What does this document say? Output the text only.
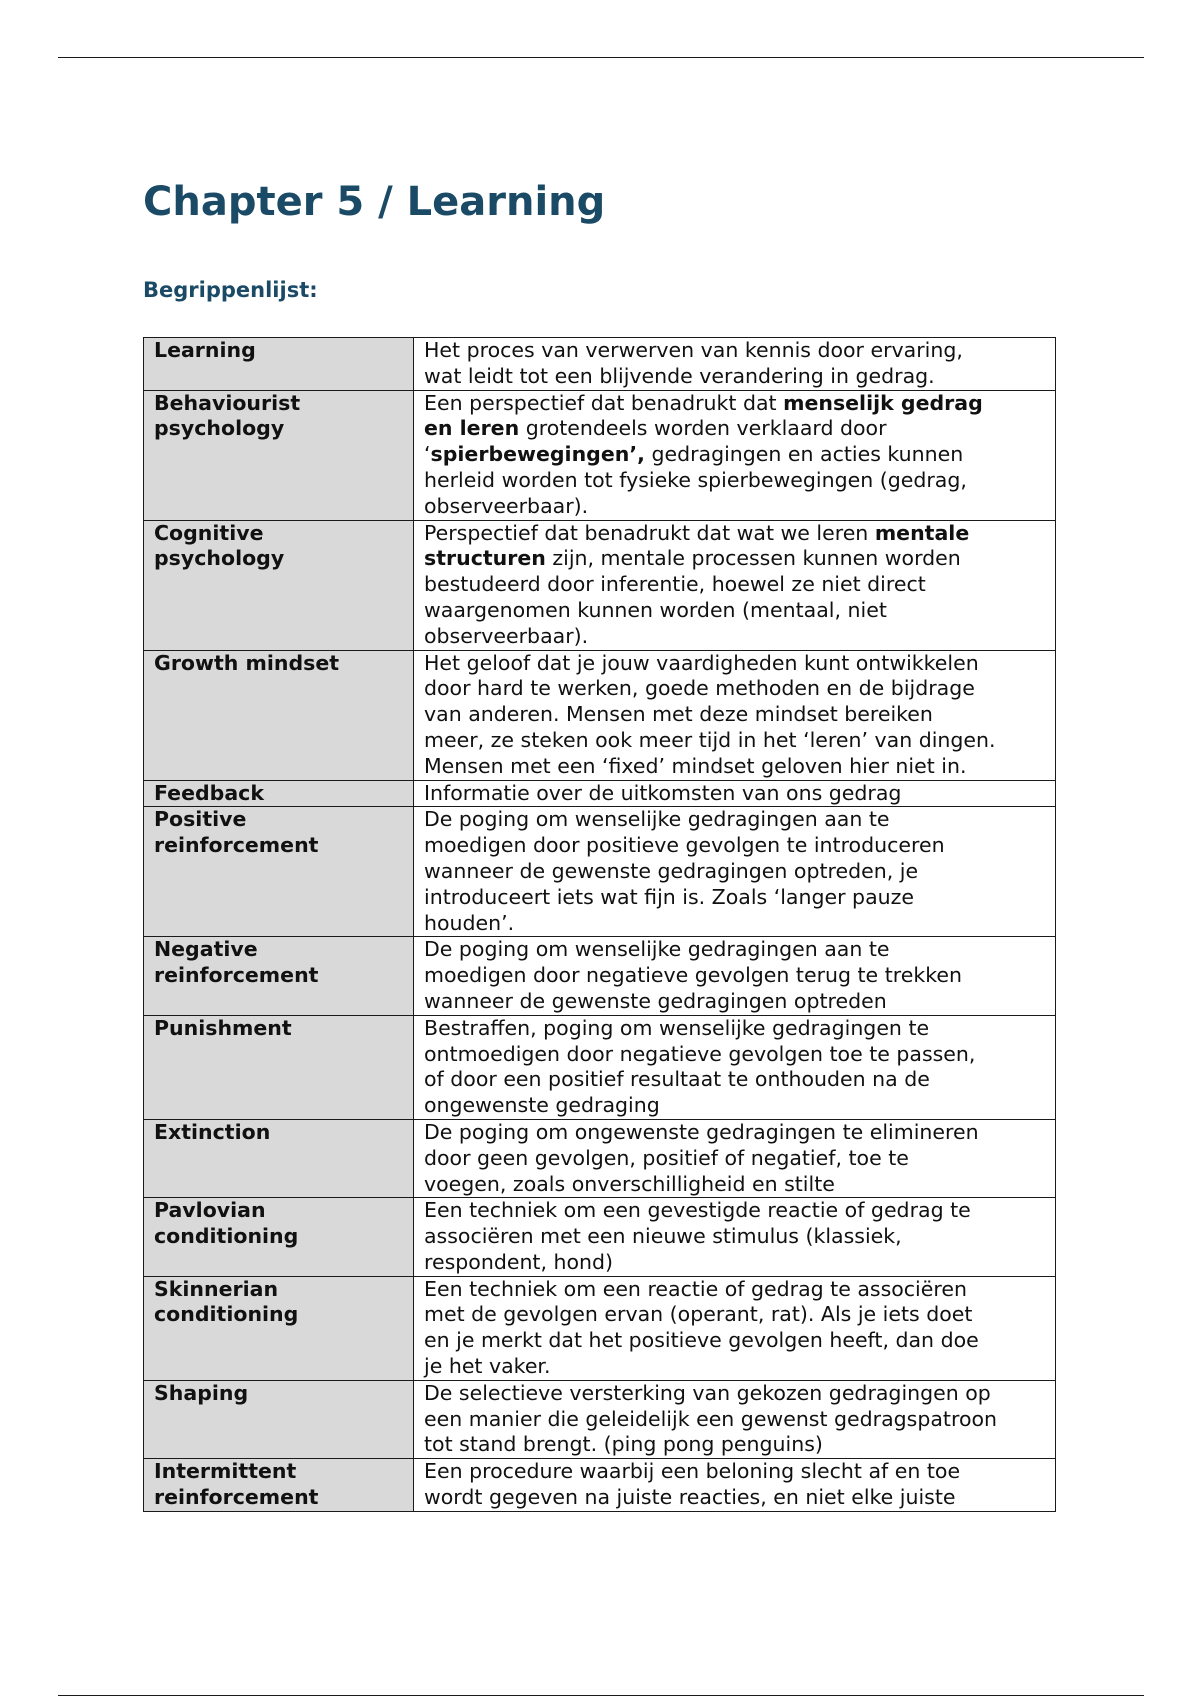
Chapter 5 / Learning
Begrippenlijst:
Learning	Het proces van verwerven van kennis door ervaring,
wat leidt tot een blijvende verandering in gedrag.

Behaviourist
psychology	Een perspectief dat benadrukt dat menselijk gedrag
en leren grotendeels worden verklaard door
‘spierbewegingen’, gedragingen en acties kunnen
herleid worden tot fysieke spierbewegingen (gedrag,
observeerbaar).

Cognitive
psychology	Perspectief dat benadrukt dat wat we leren mentale
structuren zijn, mentale processen kunnen worden
bestudeerd door inferentie, hoewel ze niet direct
waargenomen kunnen worden (mentaal, niet
observeerbaar).

Growth mindset	Het geloof dat je jouw vaardigheden kunt ontwikkelen
door hard te werken, goede methoden en de bijdrage
van anderen. Mensen met deze mindset bereiken
meer, ze steken ook meer tijd in het ‘leren’ van dingen.
Mensen met een ‘fixed’ mindset geloven hier niet in.

Feedback	Informatie over de uitkomsten van ons gedrag

Positive
reinforcement	De poging om wenselijke gedragingen aan te
moedigen door positieve gevolgen te introduceren
wanneer de gewenste gedragingen optreden, je
introduceert iets wat fijn is. Zoals ‘langer pauze
houden’.

Negative
reinforcement	De poging om wenselijke gedragingen aan te
moedigen door negatieve gevolgen terug te trekken
wanneer de gewenste gedragingen optreden

Punishment	Bestraffen, poging om wenselijke gedragingen te
ontmoedigen door negatieve gevolgen toe te passen,
of door een positief resultaat te onthouden na de
ongewenste gedraging

Extinction	De poging om ongewenste gedragingen te elimineren
door geen gevolgen, positief of negatief, toe te
voegen, zoals onverschilligheid en stilte

Pavlovian
conditioning	Een techniek om een gevestigde reactie of gedrag te
associëren met een nieuwe stimulus (klassiek,
respondent, hond)

Skinnerian
conditioning	Een techniek om een reactie of gedrag te associëren
met de gevolgen ervan (operant, rat). Als je iets doet
en je merkt dat het positieve gevolgen heeft, dan doe
je het vaker.

Shaping	De selectieve versterking van gekozen gedragingen op
een manier die geleidelijk een gewenst gedragspatroon
tot stand brengt. (ping pong penguins)

Intermittent
reinforcement	Een procedure waarbij een beloning slecht af en toe
wordt gegeven na juiste reacties, en niet elke juiste
